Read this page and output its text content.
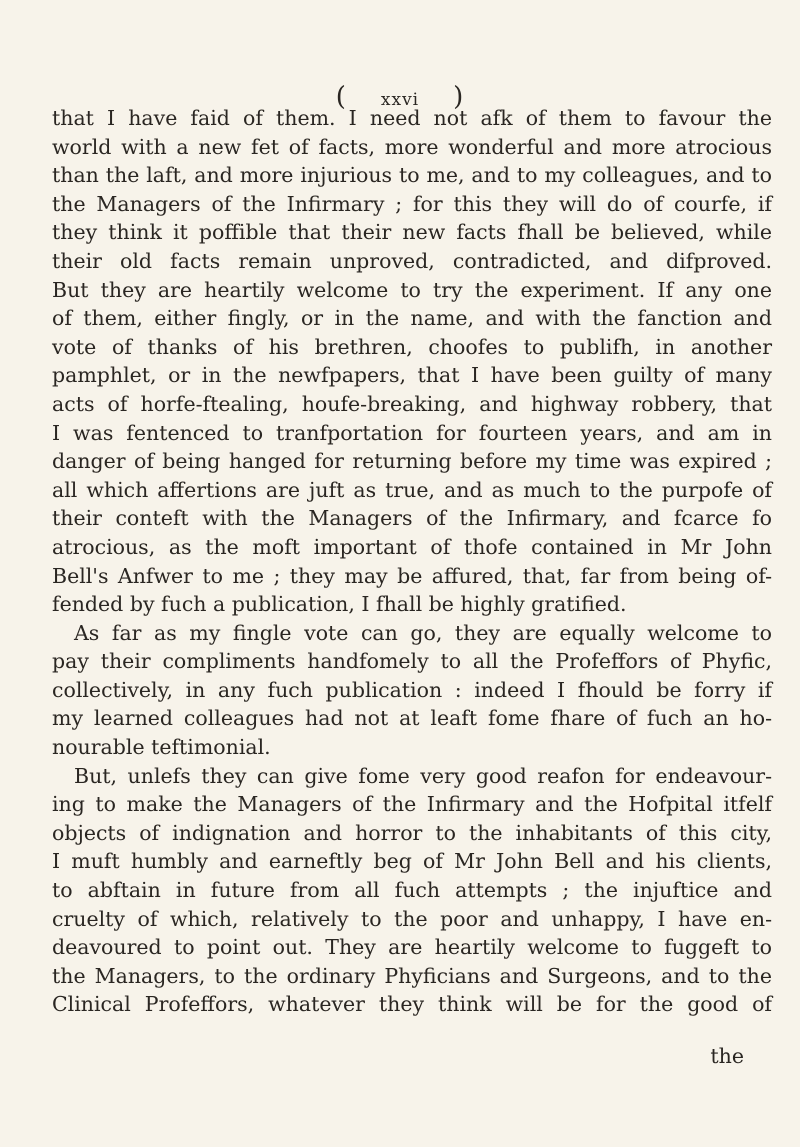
( xxvi )
that I have faid of them. I need not afk of them to favour the
world with a new fet of facts, more wonderful and more atrocious
than the laft, and more injurious to me, and to my colleagues, and to
the Managers of the Infirmary ; for this they will do of courfe, if
they think it poffible that their new facts fhall be believed, while
their old facts remain unproved, contradicted, and difproved.
But they are heartily welcome to try the experiment. If any one
of them, either fingly, or in the name, and with the fanction and
vote of thanks of his brethren, choofes to publifh, in another
pamphlet, or in the newfpapers, that I have been guilty of many
acts of horfe-ftealing, houfe-breaking, and highway robbery, that
I was fentenced to tranfportation for fourteen years, and am in
danger of being hanged for returning before my time was expired ;
all which affertions are juft as true, and as much to the purpofe of
their conteft with the Managers of the Infirmary, and fcarce fo
atrocious, as the moft important of thofe contained in Mr John
Bell's Anfwer to me ; they may be affured, that, far from being of-
fended by fuch a publication, I fhall be highly gratified.
As far as my fingle vote can go, they are equally welcome to
pay their compliments handfomely to all the Profeffors of Phyfic,
collectively, in any fuch publication : indeed I fhould be forry if
my learned colleagues had not at leaft fome fhare of fuch an ho-
nourable teftimonial.
But, unlefs they can give fome very good reafon for endeavour-
ing to make the Managers of the Infirmary and the Hofpital itfelf
objects of indignation and horror to the inhabitants of this city,
I muft humbly and earneftly beg of Mr John Bell and his clients,
to abftain in future from all fuch attempts ; the injuftice and
cruelty of which, relatively to the poor and unhappy, I have en-
deavoured to point out. They are heartily welcome to fuggeft to
the Managers, to the ordinary Phyficians and Surgeons, and to the
Clinical Profeffors, whatever they think will be for the good of
the
